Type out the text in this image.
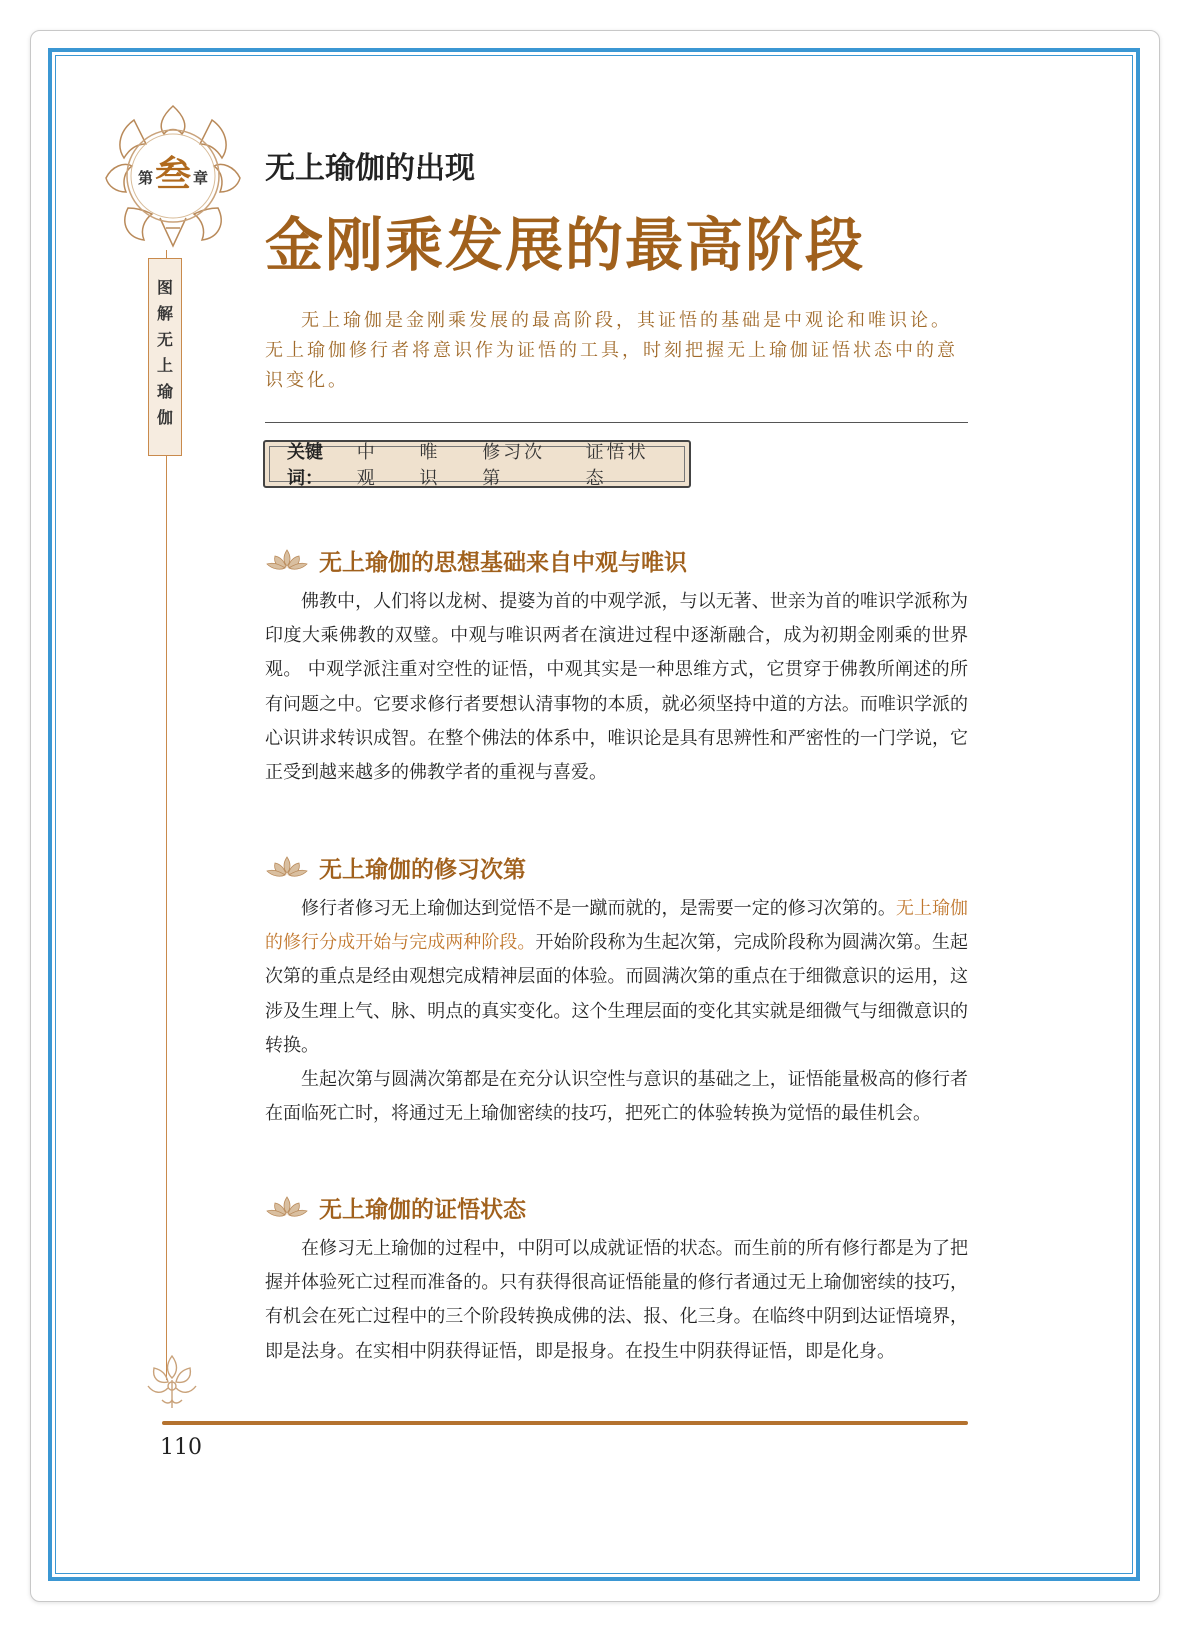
第 叁 章
图
解
无
上
瑜
伽
无上瑜伽的出现
金刚乘发展的最高阶段

无上瑜伽是金刚乘发展的最高阶段，其证悟的基础是中观论和唯识论。无上瑜伽修行者将意识作为证悟的工具，时刻把握无上瑜伽证悟状态中的意识变化。

关键词：
中观
唯识
修习次第
证悟状态
无上瑜伽的思想基础来自中观与唯识

佛教中，人们将以龙树、提婆为首的中观学派，与以无著、世亲为首的唯识学派称为印度大乘佛教的双璧。中观与唯识两者在演进过程中逐渐融合，成为初期金刚乘的世界观。 中观学派注重对空性的证悟，中观其实是一种思维方式，它贯穿于佛教所阐述的所有问题之中。它要求修行者要想认清事物的本质，就必须坚持中道的方法。而唯识学派的心识讲求转识成智。在整个佛法的体系中，唯识论是具有思辨性和严密性的一门学说，它正受到越来越多的佛教学者的重视与喜爱。

无上瑜伽的修习次第

修行者修习无上瑜伽达到觉悟不是一蹴而就的，是需要一定的修习次第的。无上瑜伽的修行分成开始与完成两种阶段。开始阶段称为生起次第，完成阶段称为圆满次第。生起次第的重点是经由观想完成精神层面的体验。而圆满次第的重点在于细微意识的运用，这涉及生理上气、脉、明点的真实变化。这个生理层面的变化其实就是细微气与细微意识的转换。

生起次第与圆满次第都是在充分认识空性与意识的基础之上，证悟能量极高的修行者在面临死亡时，将通过无上瑜伽密续的技巧，把死亡的体验转换为觉悟的最佳机会。

无上瑜伽的证悟状态

在修习无上瑜伽的过程中，中阴可以成就证悟的状态。而生前的所有修行都是为了把握并体验死亡过程而准备的。只有获得很高证悟能量的修行者通过无上瑜伽密续的技巧，有机会在死亡过程中的三个阶段转换成佛的法、报、化三身。在临终中阴到达证悟境界，即是法身。在实相中阴获得证悟，即是报身。在投生中阴获得证悟，即是化身。

110
